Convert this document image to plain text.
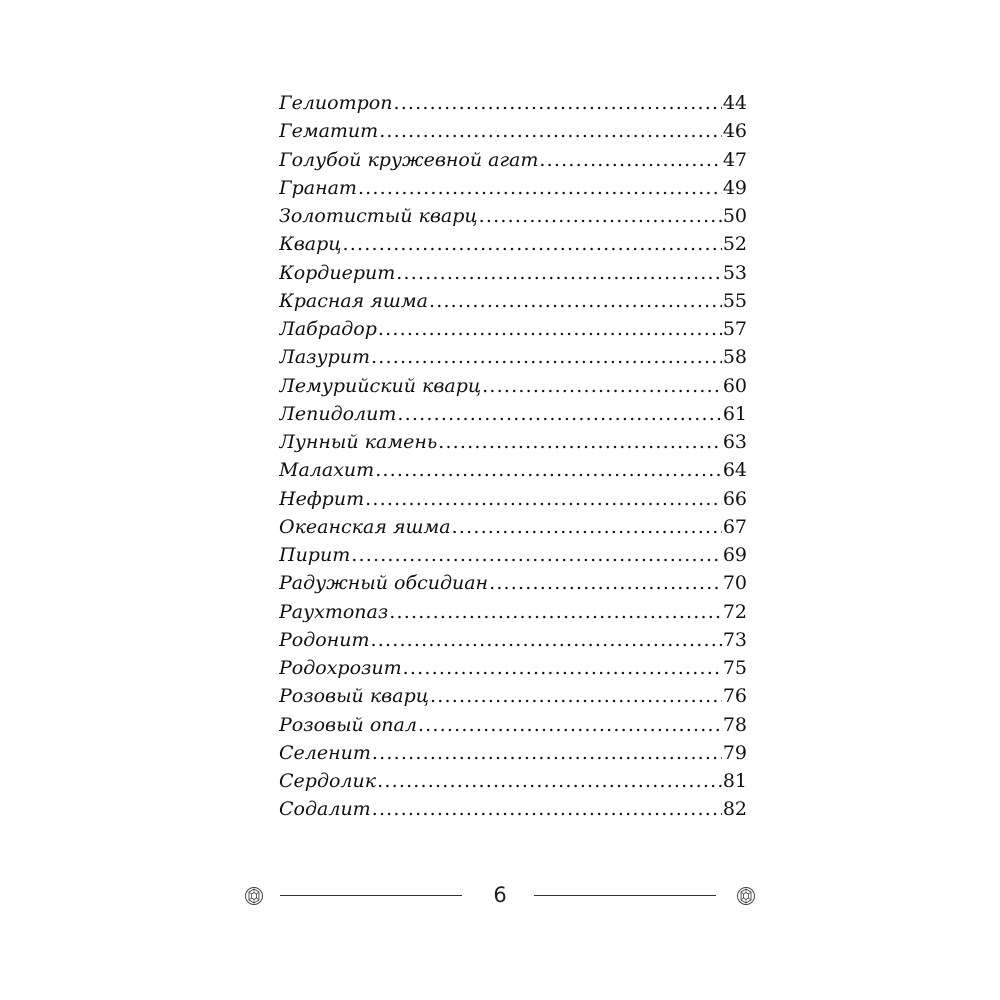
Гелиотроп .....	44
Гематит .....	46
Голубой кружевной агат .....	47
Гранат .....	49
Золотистый кварц .....	50
Кварц .....	52
Кордиерит .....	53
Красная яшма .....	55
Лабрадор .....	57
Лазурит .....	58
Лемурийский кварц .....	60
Лепидолит .....	61
Лунный камень .....	63
Малахит .....	64
Нефрит .....	66
Океанская яшма .....	67
Пирит .....	69
Радужный обсидиан .....	70
Раухтопаз .....	72
Родонит .....	73
Родохрозит .....	75
Розовый кварц .....	76
Розовый опал .....	78
Селенит .....	79
Сердолик .....	81
Содалит .....	82
6
